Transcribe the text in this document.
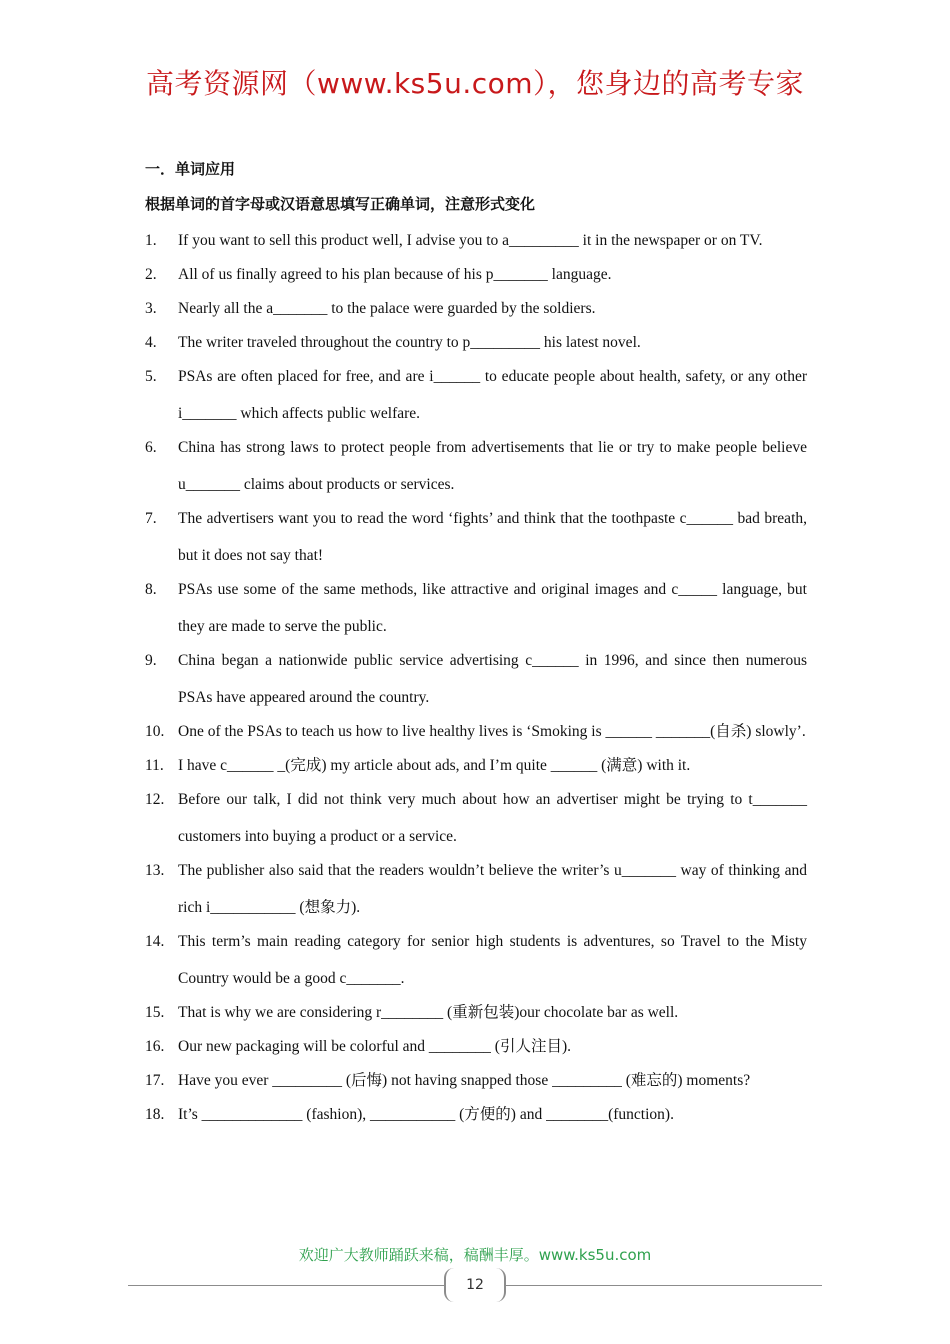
高考资源网（www.ks5u.com），您身边的高考专家
一．单词应用
根据单词的首字母或汉语意思填写正确单词，注意形式变化
1. If you want to sell this product well, I advise you to a_________ it in the newspaper or on TV.
2. All of us finally agreed to his plan because of his p_______ language.
3. Nearly all the a_______ to the palace were guarded by the soldiers.
4. The writer traveled throughout the country to p_________ his latest novel.
5. PSAs are often placed for free, and are i______ to educate people about health, safety, or any other i_______ which affects public welfare.
6. China has strong laws to protect people from advertisements that lie or try to make people believe u_______ claims about products or services.
7. The advertisers want you to read the word ‘fights’ and think that the toothpaste c______ bad breath, but it does not say that!
8. PSAs use some of the same methods, like attractive and original images and c_____ language, but they are made to serve the public.
9. China began a nationwide public service advertising c______ in 1996, and since then numerous PSAs have appeared around the country.
10. One of the PSAs to teach us how to live healthy lives is ‘Smoking is ______ _______(自杀) slowly’.
11. I have c______ _(完成) my article about ads, and I’m quite ______ (满意) with it.
12. Before our talk, I did not think very much about how an advertiser might be trying to t_______ customers into buying a product or a service.
13. The publisher also said that the readers wouldn’t believe the writer’s u_______ way of thinking and rich i___________ (想象力).
14. This term’s main reading category for senior high students is adventures, so Travel to the Misty Country would be a good c_______.
15. That is why we are considering r________ (重新包装)our chocolate bar as well.
16. Our new packaging will be colorful and ________ (引人注目).
17. Have you ever _________ (后悔) not having snapped those _________ (难忘的) moments?
18. It’s _____________ (fashion), ___________ (方便的) and ________(function).
欢迎广大教师踊跃来稿，稿酬丰厚。www.ks5u.com
12
